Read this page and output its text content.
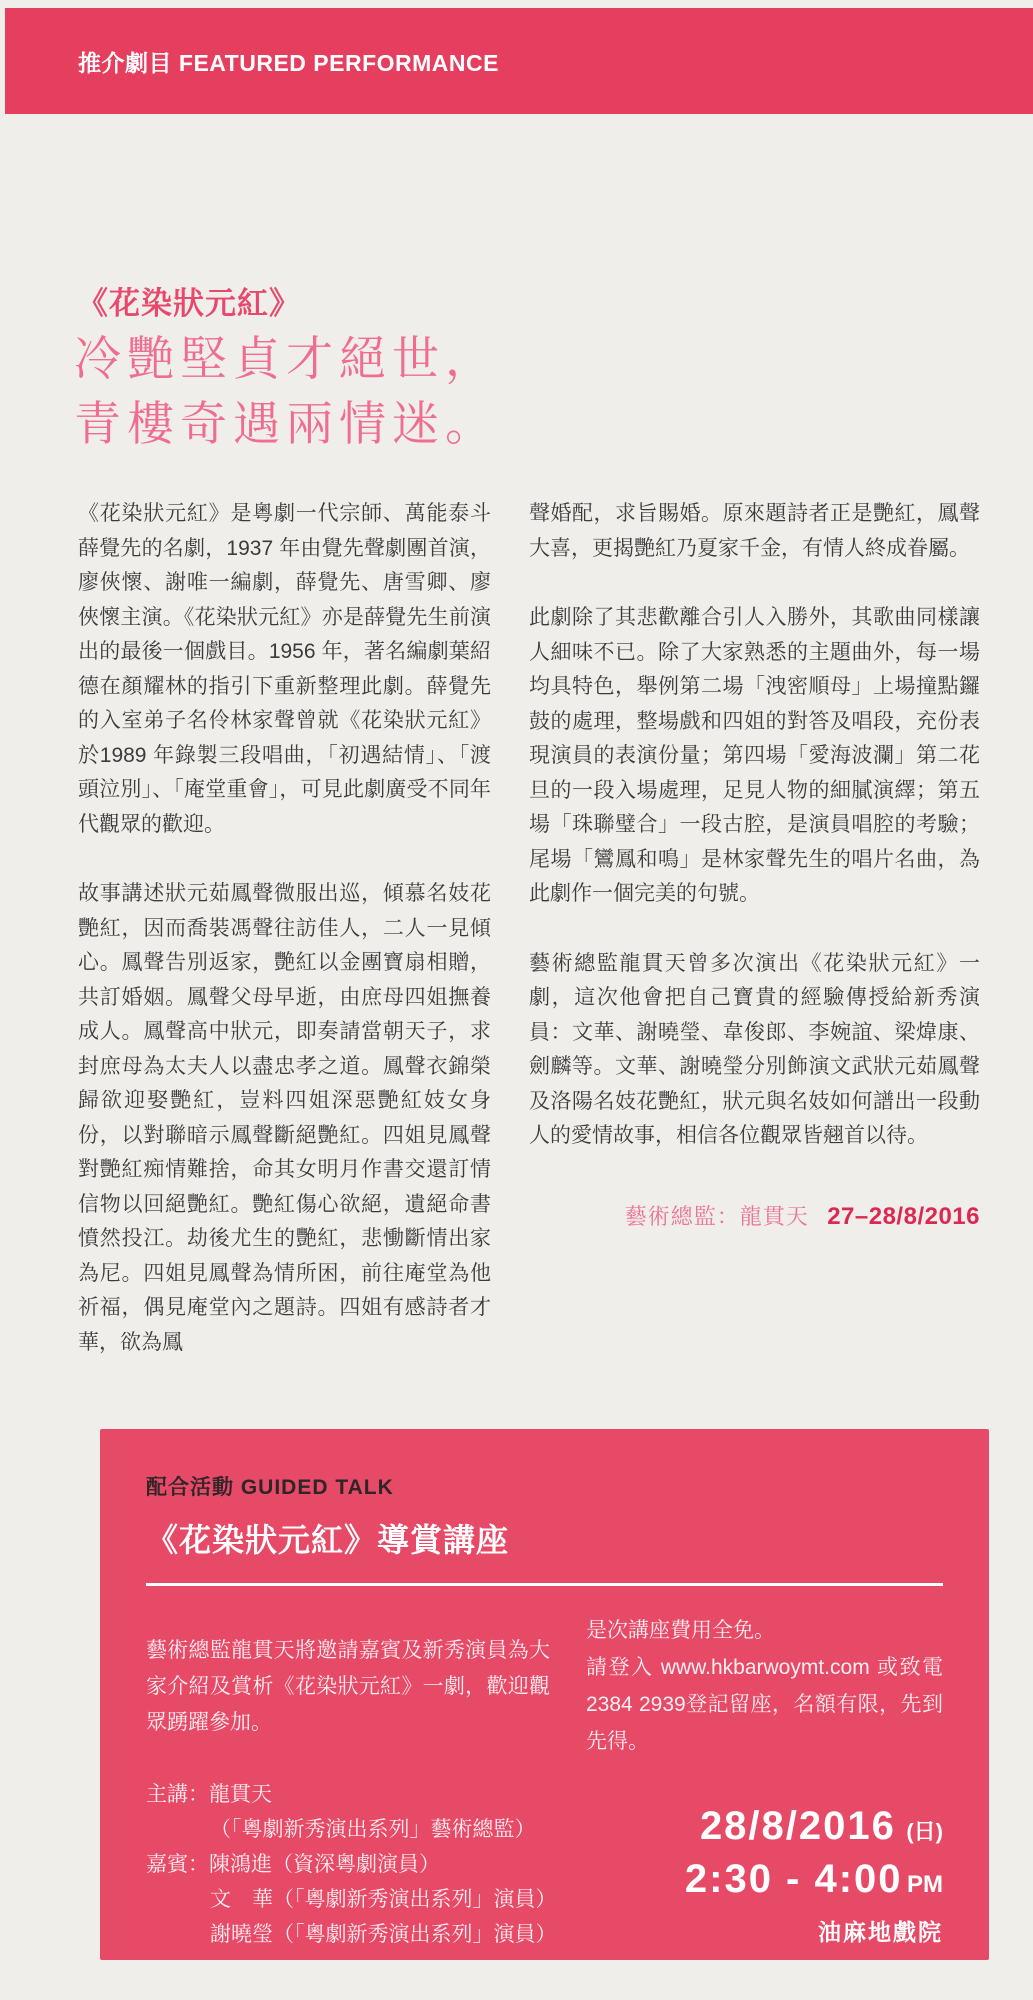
推介劇目 FEATURED PERFORMANCE
《花染狀元紅》
冷艷堅貞才絕世，
青樓奇遇兩情迷。

《花染狀元紅》是粵劇一代宗師、萬能泰斗薛覺先的名劇，1937 年由覺先聲劇團首演，廖俠懷、謝唯一編劇，薛覺先、唐雪卿、廖俠懷主演。《花染狀元紅》亦是薛覺先生前演出的最後一個戲目。1956 年，著名編劇葉紹德在顏耀林的指引下重新整理此劇。薛覺先的入室弟子名伶林家聲曾就《花染狀元紅》於1989 年錄製三段唱曲，「初遇結情」、「渡頭泣別」、「庵堂重會」，可見此劇廣受不同年代觀眾的歡迎。

故事講述狀元茹鳳聲微服出巡，傾慕名妓花艷紅，因而喬裝馮聲往訪佳人，二人一見傾心。鳳聲告別返家，艷紅以金團寶扇相贈，共訂婚姻。鳳聲父母早逝，由庶母四姐撫養成人。鳳聲高中狀元，即奏請當朝天子，求封庶母為太夫人以盡忠孝之道。鳳聲衣錦榮歸欲迎娶艷紅，豈料四姐深惡艷紅妓女身份，以對聯暗示鳳聲斷絕艷紅。四姐見鳳聲對艷紅痴情難捨，命其女明月作書交還訂情信物以回絕艷紅。艷紅傷心欲絕，遺絕命書憤然投江。劫後尤生的艷紅，悲慟斷情出家為尼。四姐見鳳聲為情所困，前往庵堂為他祈福，偶見庵堂內之題詩。四姐有感詩者才華，欲為鳳

聲婚配，求旨賜婚。原來題詩者正是艷紅，鳳聲大喜，更揭艷紅乃夏家千金，有情人終成眷屬。

此劇除了其悲歡離合引人入勝外，其歌曲同樣讓人細味不已。除了大家熟悉的主題曲外，每一場均具特色，舉例第二場「洩密順母」上場撞點鑼鼓的處理，整場戲和四姐的對答及唱段，充份表現演員的表演份量；第四場「愛海波瀾」第二花旦的一段入場處理，足見人物的細膩演繹；第五場「珠聯璧合」一段古腔，是演員唱腔的考驗；尾場「鸞鳳和鳴」是林家聲先生的唱片名曲，為此劇作一個完美的句號。

藝術總監龍貫天曾多次演出《花染狀元紅》一劇，這次他會把自己寶貴的經驗傳授給新秀演員：文華、謝曉瑩、韋俊郎、李婉誼、梁煒康、劍麟等。文華、謝曉瑩分別飾演文武狀元茹鳳聲及洛陽名妓花艷紅，狀元與名妓如何譜出一段動人的愛情故事，相信各位觀眾皆翹首以待。

藝術總監：龍貫天 27–28/8/2016
配合活動 GUIDED TALK
《花染狀元紅》導賞講座

藝術總監龍貫天將邀請嘉賓及新秀演員為大家介紹及賞析《花染狀元紅》一劇，歡迎觀眾踴躍參加。

主講：龍貫天
（「粵劇新秀演出系列」藝術總監）
嘉賓：陳鴻進（資深粵劇演員）
文　華（「粵劇新秀演出系列」演員）
謝曉瑩（「粵劇新秀演出系列」演員）

是次講座費用全免。

請登入 www.hkbarwoymt.com 或致電 2384 2939登記留座，名額有限，先到先得。

28/8/2016 (日)
2:30 - 4:00 PM
油麻地戲院
